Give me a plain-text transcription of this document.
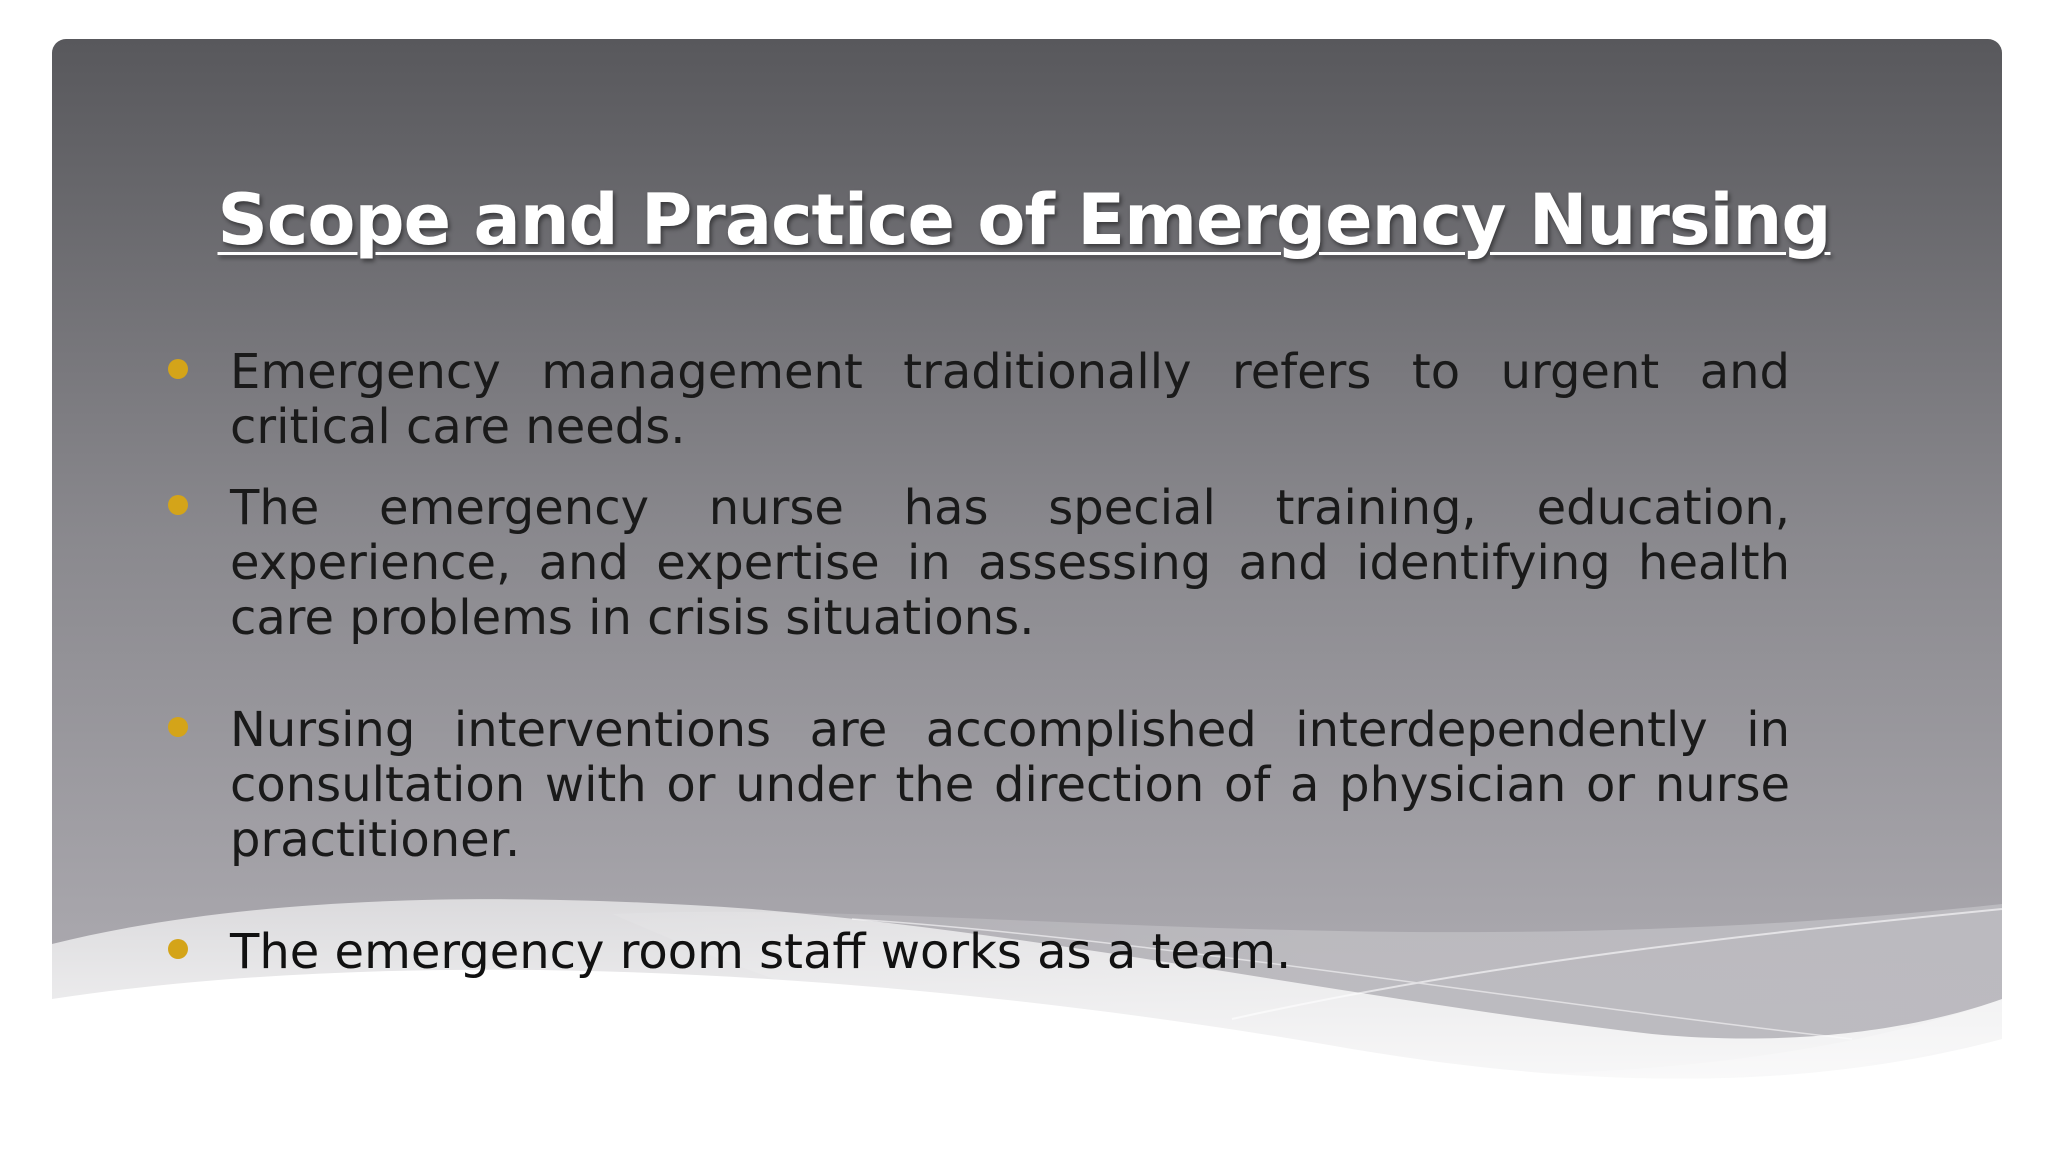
Scope and Practice of Emergency Nursing
Emergency management traditionally refers to urgent and critical care needs.
The emergency nurse has special training, education, experience, and expertise in assessing and identifying health care problems in crisis situations.
Nursing interventions are accomplished interdependently in consultation with or under the direction of a physician or nurse practitioner.
The emergency room staff works as a team.
